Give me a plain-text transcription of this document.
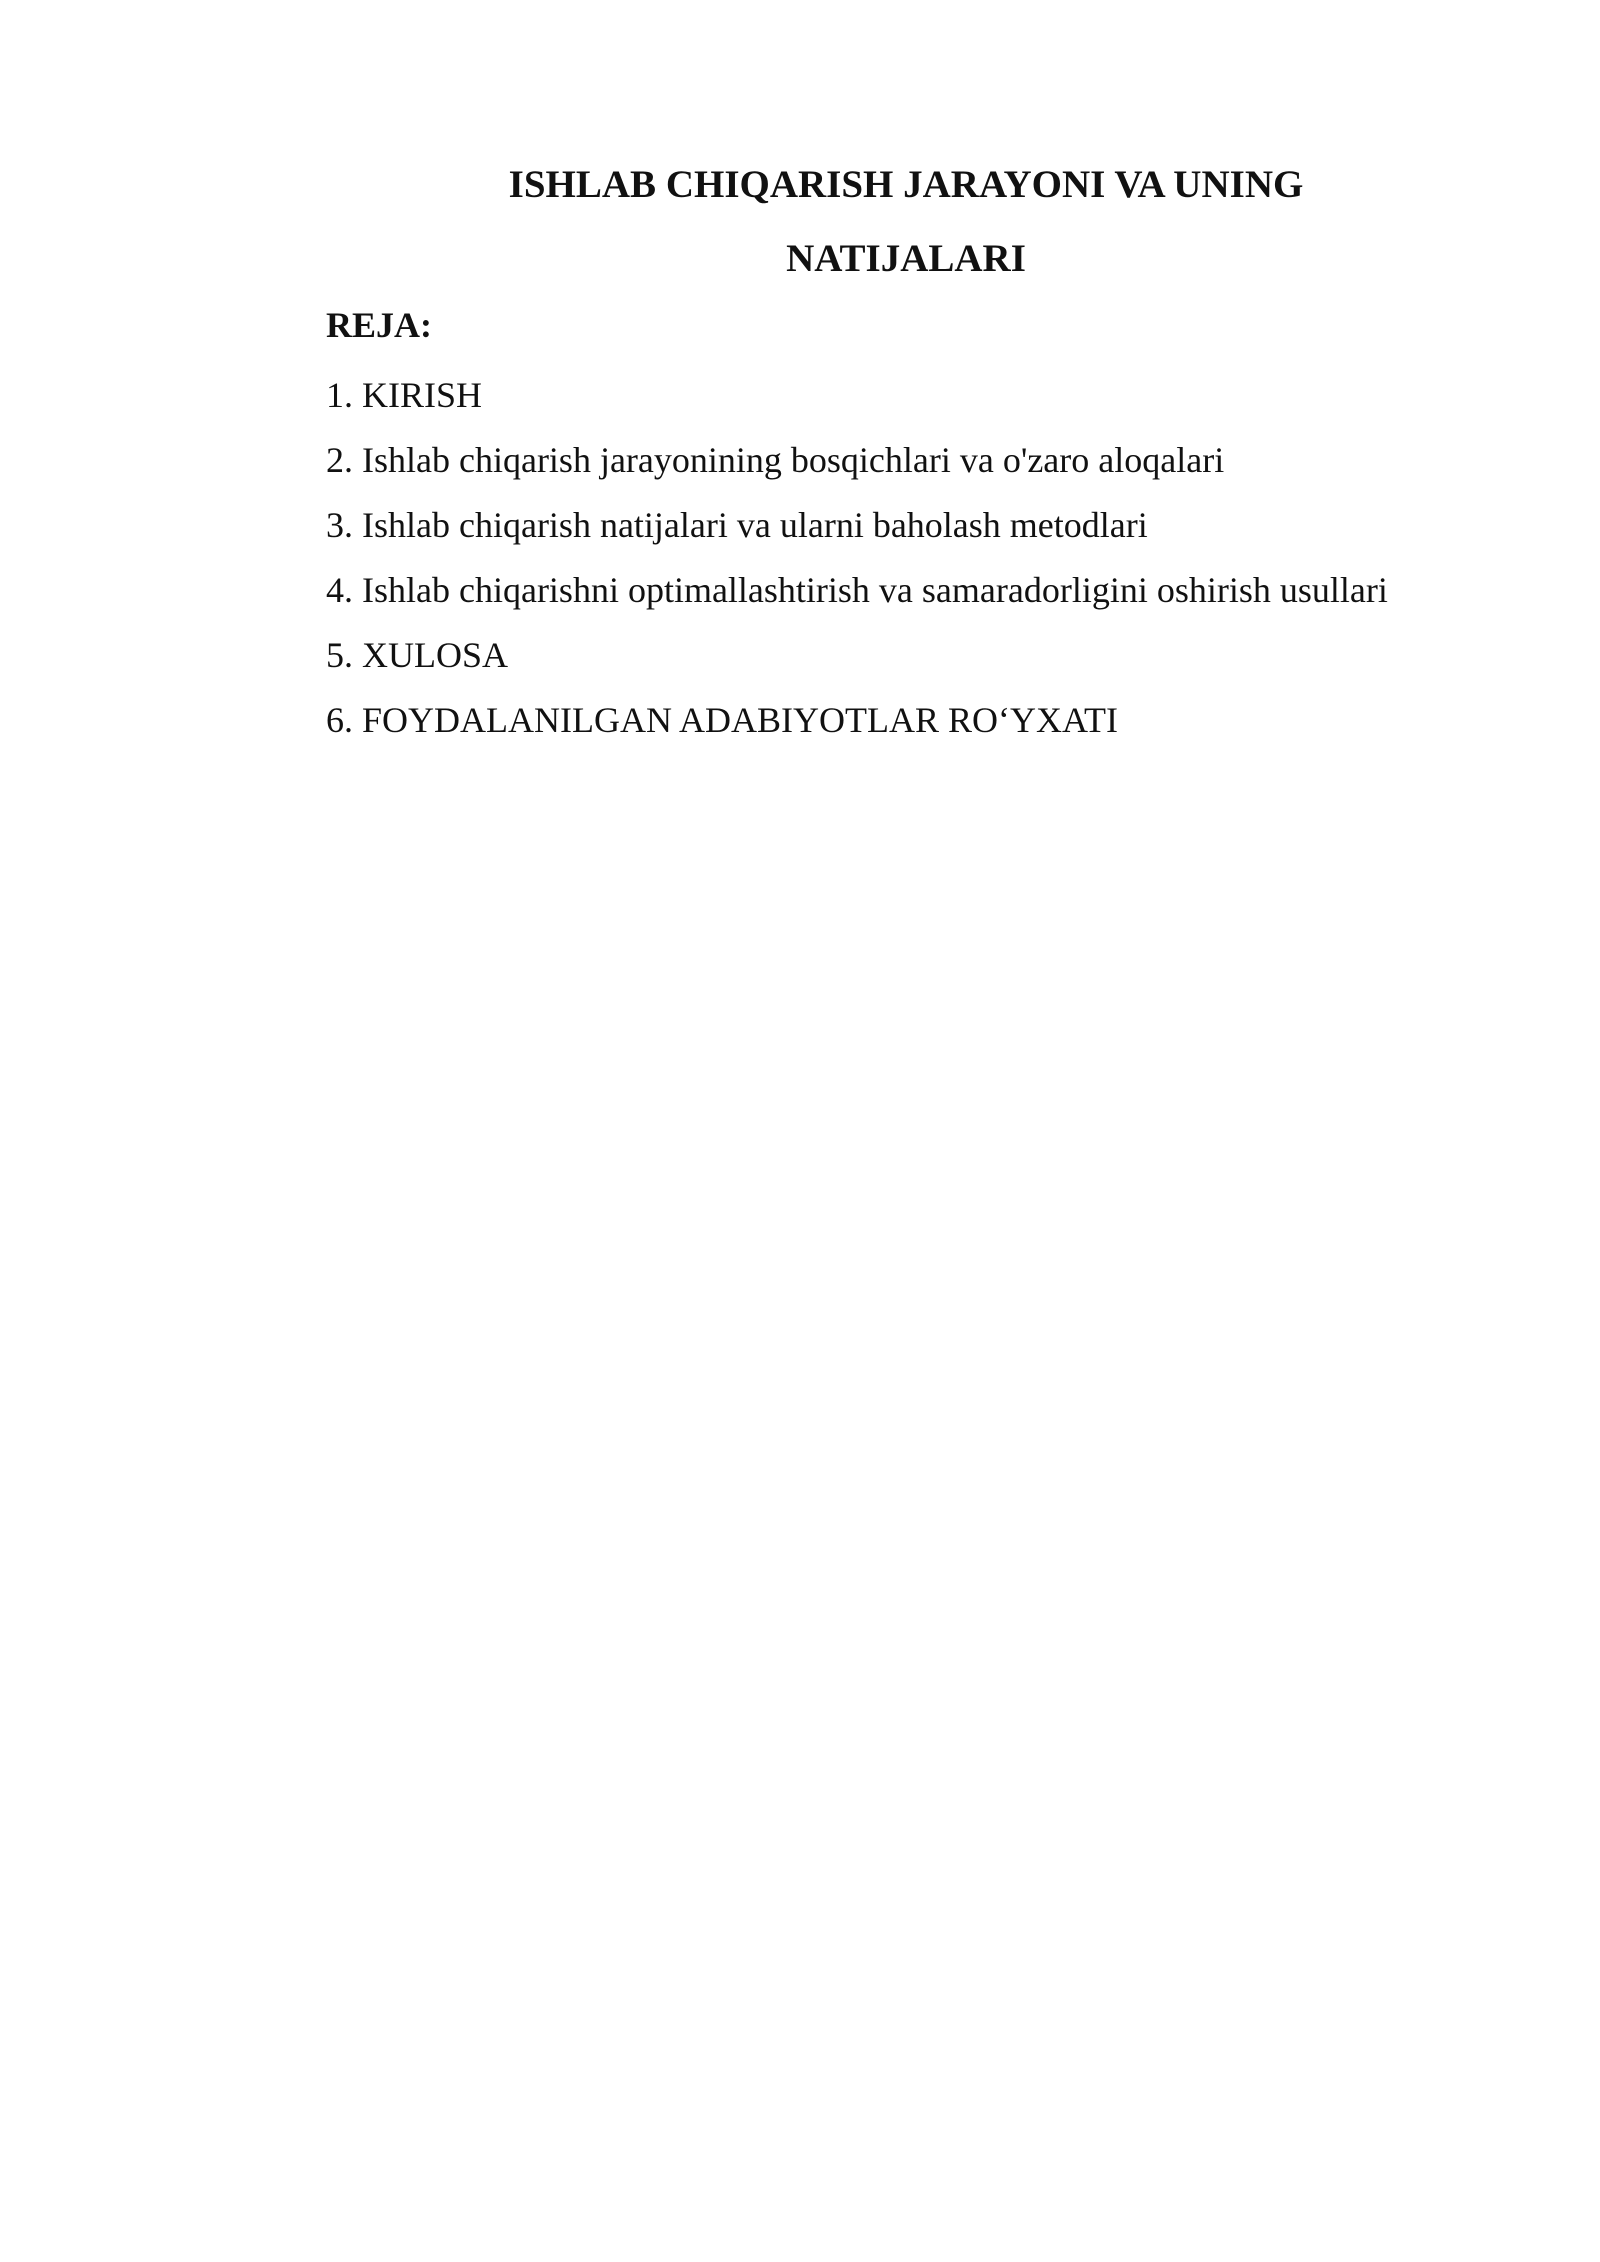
ISHLAB CHIQARISH JARAYONI VA UNING
NATIJALARI

REJA:

1. KIRISH
2. Ishlab chiqarish jarayonining bosqichlari va o'zaro aloqalari
3. Ishlab chiqarish natijalari va ularni baholash metodlari
4. Ishlab chiqarishni optimallashtirish va samaradorligini oshirish usullari
5. XULOSA
6. FOYDALANILGAN ADABIYOTLAR RO‘YXATI
